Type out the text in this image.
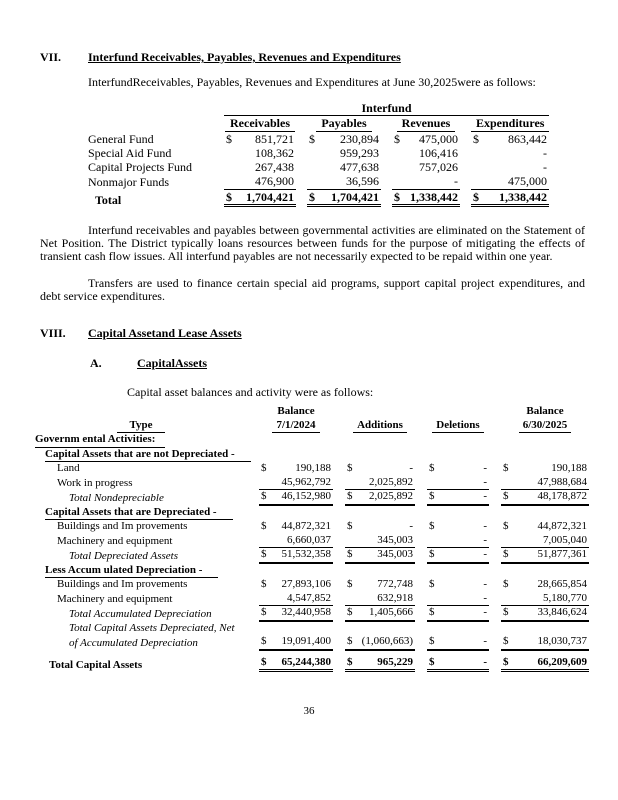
VII.	Interfund Receivables, Payables, Revenues and Expenditures
InterfundReceivables, Payables, Revenues and Expenditures at June 30,2025were as follows:
Interfund
Receivables	Payables	Revenues	Expenditures
General Fund	$ 851,721 $ 230,894 $ 475,000 $ 863,442
Special Aid Fund	108,362	959,293	106,416	-
Capital Projects Fund	267,438	477,638	757,026	-
Nonmajor Funds	476,900	36,596	-	475,000
Total	$ 1,704,421 $ 1,704,421 $ 1,338,442 $ 1,338,442

Interfund receivables and payables between governmental activities are eliminated on the Statement of Net Position. The District typically loans resources between funds for the purpose of mitigating the effects of transient cash flow issues. All interfund payables are not necessarily expected to be repaid within one year.

Transfers are used to finance certain special aid programs, support capital project expenditures, and debt service expenditures.

VIII.	Capital Assetand Lease Assets
A.	CapitalAssets
Capital asset balances and activity were as follows:
Type
Balance
7/1/2024	Additions	Deletions
Balance
6/30/2025
Governm ental Activities:
Capital Assets that are not Depreciated -
Land	$	190,188 $	- $	- $	190,188
Work in progress	45,962,792	2,025,892	-	47,988,684
Total Nondepreciable	$ 46,152,980 $ 2,025,892 $	- $	48,178,872
Capital Assets that are Depreciated -
Buildings and Im provements	$ 44,872,321 $	- $	- $	44,872,321
Machinery and equipment	6,660,037	345,003	-	7,005,040
Total Depreciated Assets	$ 51,532,358 $ 345,003 $	- $	51,877,361
Less Accum ulated Depreciation -
Buildings and Im provements	$ 27,893,106 $ 772,748 $	- $	28,665,854
Machinery and equipment	4,547,852	632,918	-	5,180,770
Total Accumulated Depreciation	$ 32,440,958 $ 1,405,666 $	- $	33,846,624
Total Capital Assets Depreciated, Net
of Accumulated Depreciation	$ 19,091,400 $ (1,060,663) $	- $	18,030,737
Total Capital Assets	$ 65,244,380 $ 965,229 $	- $	66,209,609
36
